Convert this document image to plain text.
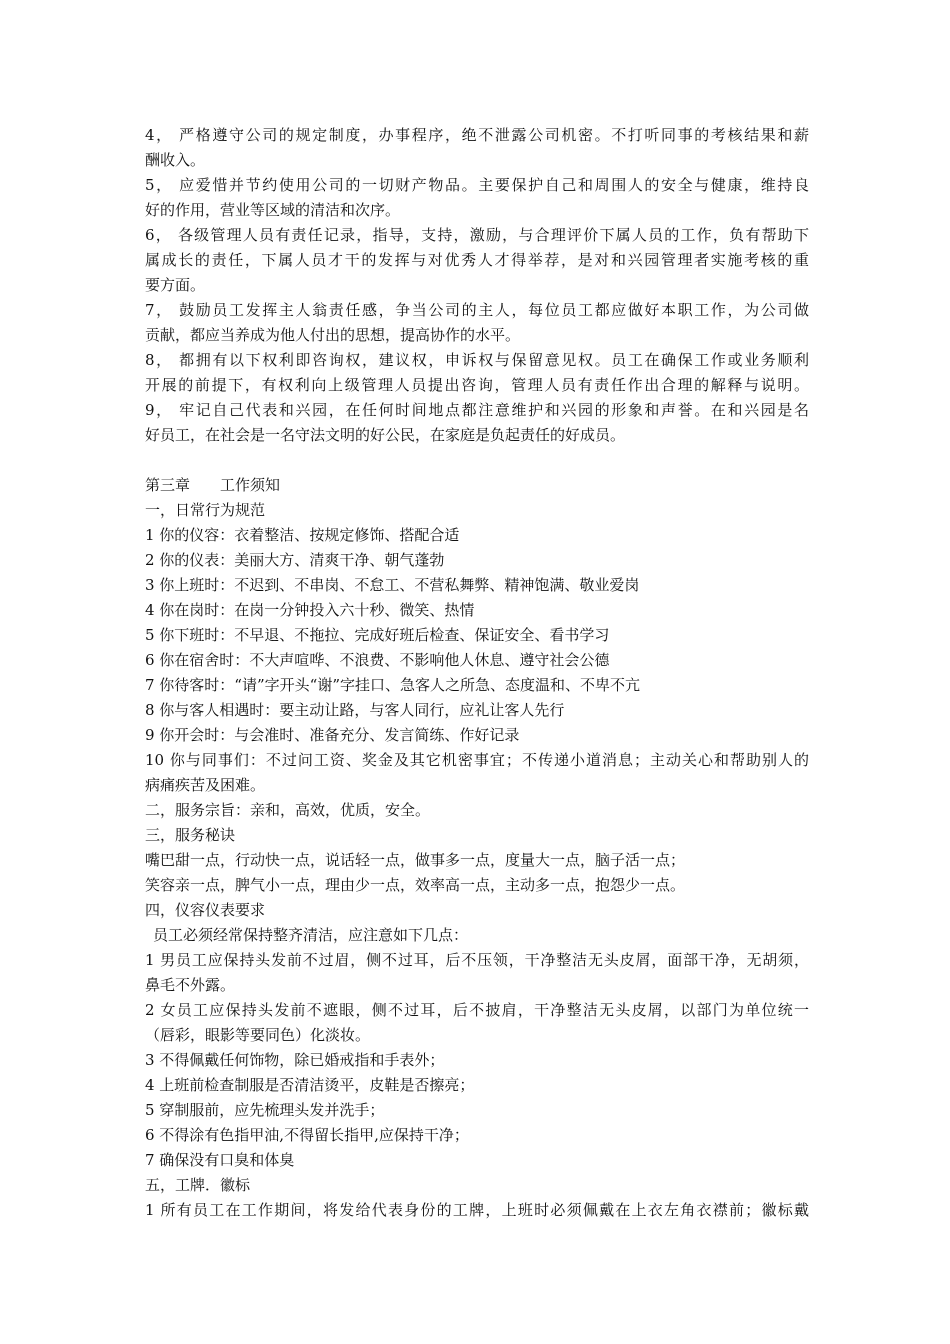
4， 严格遵守公司的规定制度，办事程序，绝不泄露公司机密。不打听同事的考核结果和薪
酬收入。
5， 应爱惜并节约使用公司的一切财产物品。主要保护自己和周围人的安全与健康，维持良
好的作用，营业等区域的清洁和次序。
6， 各级管理人员有责任记录，指导，支持，激励，与合理评价下属人员的工作，负有帮助下
属成长的责任，下属人员才干的发挥与对优秀人才得举荐，是对和兴园管理者实施考核的重
要方面。
7， 鼓励员工发挥主人翁责任感，争当公司的主人，每位员工都应做好本职工作，为公司做
贡献，都应当养成为他人付出的思想，提高协作的水平。
8， 都拥有以下权利即咨询权，建议权，申诉权与保留意见权。员工在确保工作或业务顺利
开展的前提下，有权利向上级管理人员提出咨询，管理人员有责任作出合理的解释与说明。
9， 牢记自己代表和兴园，在任何时间地点都注意维护和兴园的形象和声誉。在和兴园是名
好员工，在社会是一名守法文明的好公民，在家庭是负起责任的好成员。
第三章 工作须知
一，日常行为规范
1 你的仪容：衣着整洁、按规定修饰、搭配合适
2 你的仪表：美丽大方、清爽干净、朝气蓬勃
3 你上班时：不迟到、不串岗、不怠工、不营私舞弊、精神饱满、敬业爱岗
4 你在岗时：在岗一分钟投入六十秒、微笑、热情
5 你下班时：不早退、不拖拉、完成好班后检查、保证安全、看书学习
6 你在宿舍时：不大声喧哗、不浪费、不影响他人休息、遵守社会公德
7 你待客时：“请”字开头“谢”字挂口、急客人之所急、态度温和、不卑不亢
8 你与客人相遇时：要主动让路，与客人同行，应礼让客人先行
9 你开会时：与会准时、准备充分、发言简练、作好记录
10 你与同事们：不过问工资、奖金及其它机密事宜；不传递小道消息；主动关心和帮助别人的
病痛疾苦及困难。
二，服务宗旨：亲和，高效，优质，安全。
三，服务秘诀
嘴巴甜一点，行动快一点，说话轻一点，做事多一点，度量大一点，脑子活一点；
笑容亲一点，脾气小一点，理由少一点，效率高一点，主动多一点，抱怨少一点。
四，仪容仪表要求
员工必须经常保持整齐清洁，应注意如下几点：
1 男员工应保持头发前不过眉，侧不过耳，后不压领，干净整洁无头皮屑，面部干净，无胡须，
鼻毛不外露。
2 女员工应保持头发前不遮眼，侧不过耳，后不披肩，干净整洁无头皮屑，以部门为单位统一
（唇彩，眼影等要同色）化淡妆。
3 不得佩戴任何饰物，除已婚戒指和手表外；
4 上班前检查制服是否清洁烫平，皮鞋是否擦亮；
5 穿制服前，应先梳理头发并洗手；
6 不得涂有色指甲油,不得留长指甲,应保持干净；
7 确保没有口臭和体臭
五，工牌．徽标
1 所有员工在工作期间，将发给代表身份的工牌，上班时必须佩戴在上衣左角衣襟前；徽标戴
